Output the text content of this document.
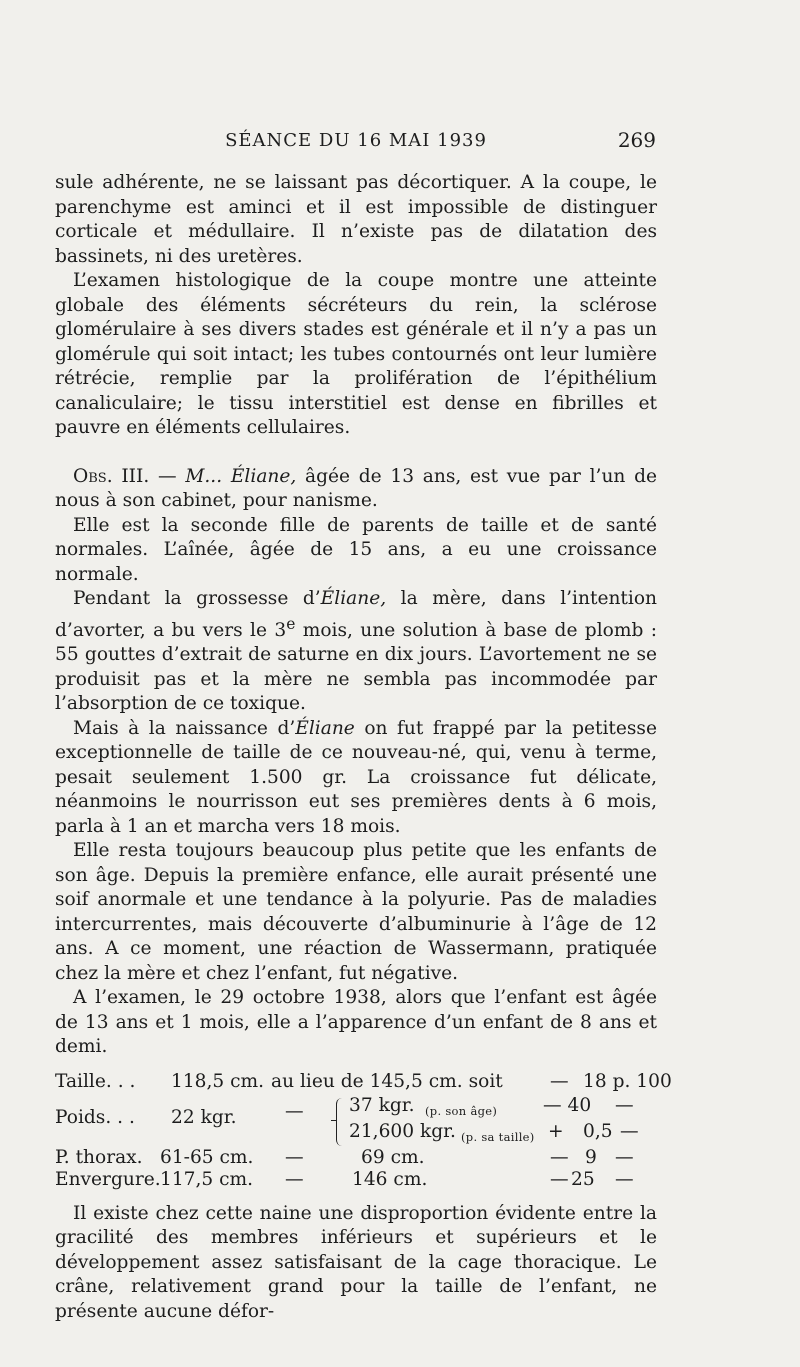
SÉANCE DU 16 MAI 1939	269

sule adhérente, ne se laissant pas décortiquer. A la coupe, le parenchyme est aminci et il est impossible de distinguer corticale et médullaire. Il n’existe pas de dilatation des bassinets, ni des uretères.

L’examen histologique de la coupe montre une atteinte globale des éléments sécréteurs du rein, la sclérose glomérulaire à ses divers stades est générale et il n’y a pas un glomérule qui soit intact; les tubes contournés ont leur lumière rétrécie, remplie par la prolifération de l’épithélium canaliculaire; le tissu interstitiel est dense en fibrilles et pauvre en éléments cellulaires.

Obs. III. — M... Éliane, âgée de 13 ans, est vue par l’un de nous à son cabinet, pour nanisme.

Elle est la seconde fille de parents de taille et de santé normales. L’aînée, âgée de 15 ans, a eu une croissance normale.

Pendant la grossesse d’Éliane, la mère, dans l’intention d’avorter, a bu vers le 3e mois, une solution à base de plomb : 55 gouttes d’extrait de saturne en dix jours. L’avortement ne se produisit pas et la mère ne sembla pas incommodée par l’absorption de ce toxique.

Mais à la naissance d’Éliane on fut frappé par la petitesse exceptionnelle de taille de ce nouveau-né, qui, venu à terme, pesait seulement 1.500 gr. La croissance fut délicate, néanmoins le nourrisson eut ses premières dents à 6 mois, parla à 1 an et marcha vers 18 mois.

Elle resta toujours beaucoup plus petite que les enfants de son âge. Depuis la première enfance, elle aurait présenté une soif anormale et une tendance à la polyurie. Pas de maladies intercurrentes, mais découverte d’albuminurie à l’âge de 12 ans. A ce moment, une réaction de Wassermann, pratiquée chez la mère et chez l’enfant, fut négative.

A l’examen, le 29 octobre 1938, alors que l’enfant est âgée de 13 ans et 1 mois, elle a l’apparence d’un enfant de 8 ans et demi.

Taille. . . 118,5 cm. au lieu de 145,5 cm. soit	— 18 p. 100
Poids. . . 22 kgr.	— 37 kgr. (p. son âge) — 40 —
21,600 kgr. (p. sa taille) + 0,5 —
P. thorax. 61-65 cm. —	69 cm.	— 9 —
Envergure. 117,5 cm. —	146 cm.	— 25 —

Il existe chez cette naine une disproportion évidente entre la gracilité des membres inférieurs et supérieurs et le développement assez satisfaisant de la cage thoracique. Le crâne, relativement grand pour la taille de l’enfant, ne présente aucune défor-
